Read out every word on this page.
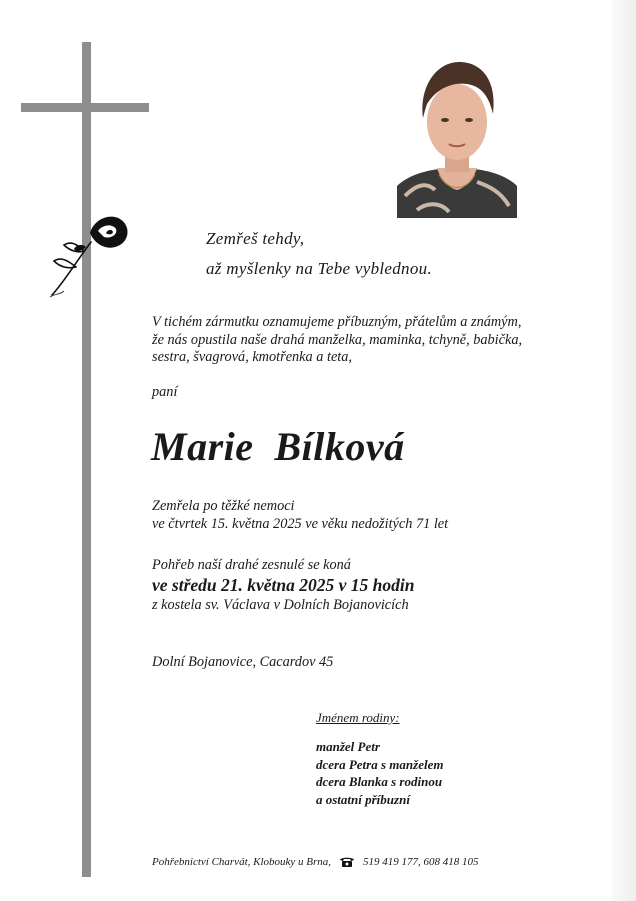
Zemřeš tehdy,
až myšlenky na Tebe vyblednou.
V tichém zármutku oznamujeme příbuzným, přátelům a známým,
že nás opustila naše drahá manželka, maminka, tchyně, babička,
sestra, švagrová, kmotřenka a teta,
paní
Marie  Bílková
Zemřela po těžké nemoci
ve čtvrtek 15. května 2025 ve věku nedožitých 71 let
Pohřeb naší drahé zesnulé se koná
ve středu 21. května 2025 v 15 hodin
z kostela sv. Václava v Dolních Bojanovicích
Dolní Bojanovice, Cacardov 45
Jménem rodiny:
manžel Petr
dcera Petra s manželem
dcera Blanka s rodinou
a ostatní příbuzní
Pohřebnictví Charvát, Klobouky u Brna,	519 419 177, 608 418 105
